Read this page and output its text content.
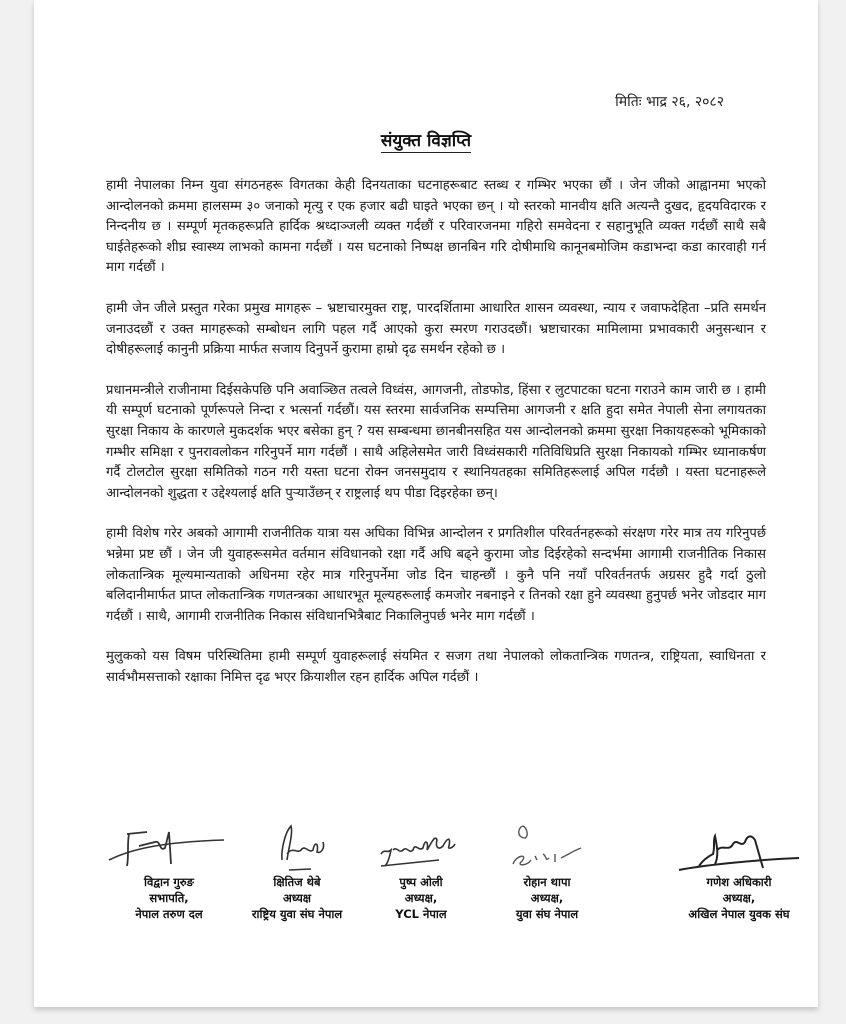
मितिः भाद्र २६, २०८२
संयुक्त विज्ञप्ति

हामी नेपालका निम्न युवा संगठनहरू विगतका केही दिनयताका घटनाहरूबाट स्तब्ध र गम्भिर भएका छौं । जेन जीको आह्वानमा भएको आन्दोलनको क्रममा हालसम्म ३० जनाको मृत्यु र एक हजार बढी घाइते भएका छन् । यो स्तरको मानवीय क्षति अत्यन्तै दुखद, हृदयविदारक र निन्दनीय छ । सम्पूर्ण मृतकहरूप्रति हार्दिक श्रध्दाञ्जली व्यक्त गर्दछौं र परिवारजनमा गहिरो समवेदना र सहानुभूति व्यक्त गर्दछौं साथै सबै घाईतेहरूको शीघ्र स्वास्थ्य लाभको कामना गर्दछौं । यस घटनाको निष्पक्ष छानबिन गरि दोषीमाथि कानूनबमोजिम कडाभन्दा कडा कारवाही गर्न माग गर्दछौं ।

हामी जेन जीले प्रस्तुत गरेका प्रमुख मागहरू – भ्रष्टाचारमुक्त राष्ट्र, पारदर्शितामा आधारित शासन व्यवस्था, न्याय र जवाफदेहिता –प्रति समर्थन जनाउदछौं र उक्त मागहरूको सम्बोधन लागि पहल गर्दै आएको कुरा स्मरण गराउदछौं। भ्रष्टाचारका मामिलामा प्रभावकारी अनुसन्धान र दोषीहरूलाई कानुनी प्रक्रिया मार्फत सजाय दिनुपर्ने कुरामा हाम्रो दृढ समर्थन रहेको छ ।

प्रधानमन्त्रीले राजीनामा दिईसकेपछि पनि अवाञ्छित तत्वले विध्वंस, आगजनी, तोडफोड, हिंसा र लुटपाटका घटना गराउने काम जारी छ । हामी यी सम्पूर्ण घटनाको पूर्णरूपले निन्दा र भत्सर्ना गर्दछौं। यस स्तरमा सार्वजनिक सम्पत्तिमा आगजनी र क्षति हुदा समेत नेपाली सेना लगायतका सुरक्षा निकाय के कारणले मुकदर्शक भएर बसेका हुन् ? यस सम्बन्धमा छानबीनसहित यस आन्दोलनको क्रममा सुरक्षा निकायहरूको भूमिकाको गम्भीर समिक्षा र पुनरावलोकन गरिनुपर्ने माग गर्दछौं । साथै अहिलेसमेत जारी विध्वंसकारी गतिविधिप्रति सुरक्षा निकायको गम्भिर ध्यानाकर्षण गर्दै टोलटोल सुरक्षा समितिको गठन गरी यस्ता घटना रोक्न जनसमुदाय र स्थानियतहका समितिहरूलाई अपिल गर्दछौ । यस्ता घटनाहरूले आन्दोलनको शुद्धता र उद्देश्यलाई क्षति पुऱ्याउँछन् र राष्ट्रलाई थप पीडा दिइरहेका छन्।

हामी विशेष गरेर अबको आगामी राजनीतिक यात्रा यस अघिका विभिन्न आन्दोलन र प्रगतिशील परिवर्तनहरूको संरक्षण गरेर मात्र तय गरिनुपर्छ भन्नेमा प्रष्ट छौं । जेन जी युवाहरूसमेत वर्तमान संविधानको रक्षा गर्दै अघि बढ्ने कुरामा जोड दिईरहेको सन्दर्भमा आगामी राजनीतिक निकास लोकतान्त्रिक मूल्यमान्यताको अधिनमा रहेर मात्र गरिनुपर्नेमा जोड दिन चाहन्छौं । कुनै पनि नयाँ परिवर्तनतर्फ अग्रसर हुदै गर्दा ठुलो बलिदानीमार्फत प्राप्त लोकतान्त्रिक गणतन्त्रका आधारभूत मूल्यहरूलाई कमजोर नबनाइने र तिनको रक्षा हुने व्यवस्था हुनुपर्छ भनेर जोडदार माग गर्दछौं । साथै, आगामी राजनीतिक निकास संविधानभित्रैबाट निकालिनुपर्छ भनेर माग गर्दछौं ।

मुलुकको यस विषम परिस्थितिमा हामी सम्पूर्ण युवाहरूलाई संयमित र सजग तथा नेपालको लोकतान्त्रिक गणतन्त्र, राष्ट्रियता, स्वाधिनता र सार्वभौमसत्ताको रक्षाका निमित्त दृढ भएर क्रियाशील रहन हार्दिक अपिल गर्दछौं ।

विद्वान गुरुङ
सभापति,
नेपाल तरुण दल
क्षितिज थेबे
अध्यक्ष
राष्ट्रिय युवा संघ नेपाल
पुष्प ओली
अध्यक्ष,
YCL नेपाल
रोहान थापा
अध्यक्ष,
युवा संघ नेपाल
गणेश अधिकारी
अध्यक्ष,
अखिल नेपाल युवक संघ
